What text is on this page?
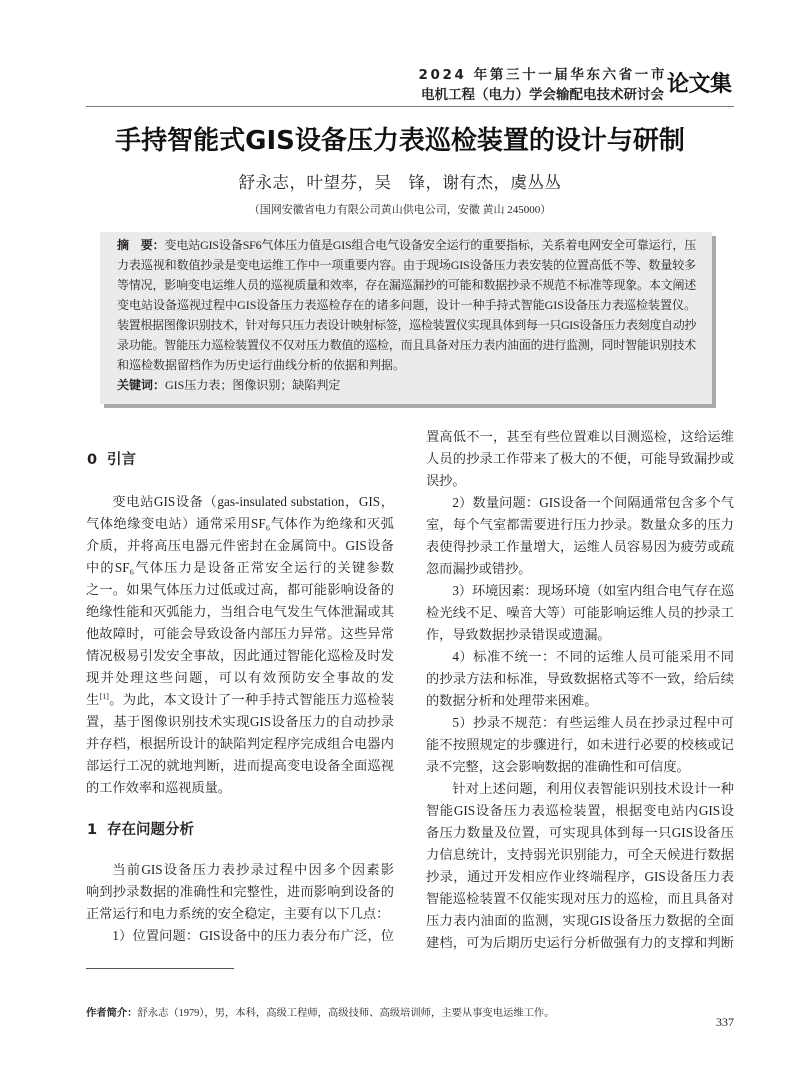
2024 年第三十一届华东六省一市
电机工程（电力）学会输配电技术研讨会 论文集
手持智能式GIS设备压力表巡检装置的设计与研制
舒永志，叶望芬，吴　锋，谢有杰，虞丛丛
（国网安徽省电力有限公司黄山供电公司，安徽 黄山 245000）
摘　要：变电站GIS设备SF6气体压力值是GIS组合电气设备安全运行的重要指标，关系着电网安全可靠运行，压
力表巡视和数值抄录是变电运维工作中一项重要内容。由于现场GIS设备压力表安装的位置高低不等、数量较多
等情况，影响变电运维人员的巡视质量和效率，存在漏巡漏抄的可能和数据抄录不规范不标准等现象。本文阐述
变电站设备巡视过程中GIS设备压力表巡检存在的诸多问题，设计一种手持式智能GIS设备压力表巡检装置仪。
装置根据图像识别技术，针对每只压力表设计映射标签，巡检装置仪实现具体到每一只GIS设备压力表刻度自动抄
录功能。智能压力巡检装置仪不仅对压力数值的巡检，而且具备对压力表内油面的进行监测，同时智能识别技术
和巡检数据留档作为历史运行曲线分析的依据和判据。
关键词：GIS压力表；图像识别；缺陷判定
0 引言
变电站GIS设备（gas-insulated substation，GIS，
气体绝缘变电站）通常采用SF₆气体作为绝缘和灭弧
介质，并将高压电器元件密封在金属筒中。GIS设备
中的SF₆气体压力是设备正常安全运行的关键参数
之一。如果气体压力过低或过高，都可能影响设备的
绝缘性能和灭弧能力，当组合电气发生气体泄漏或其
他故障时，可能会导致设备内部压力异常。这些异常
情况极易引发安全事故，因此通过智能化巡检及时发
现并处理这些问题，可以有效预防安全事故的发
生[1]。为此，本文设计了一种手持式智能压力巡检装
置，基于图像识别技术实现GIS设备压力的自动抄录
并存档，根据所设计的缺陷判定程序完成组合电器内
部运行工况的就地判断，进而提高变电设备全面巡视
的工作效率和巡视质量。
1 存在问题分析
当前GIS设备压力表抄录过程中因多个因素影
响到抄录数据的准确性和完整性，进而影响到设备的
正常运行和电力系统的安全稳定，主要有以下几点：
1）位置问题：GIS设备中的压力表分布广泛，位
置高低不一，甚至有些位置难以目测巡检，这给运维
人员的抄录工作带来了极大的不便，可能导致漏抄或
误抄。
2）数量问题：GIS设备一个间隔通常包含多个气
室，每个气室都需要进行压力抄录。数量众多的压力
表使得抄录工作量增大，运维人员容易因为疲劳或疏
忽而漏抄或错抄。
3）环境因素：现场环境（如室内组合电气存在巡
检光线不足、噪音大等）可能影响运维人员的抄录工
作，导致数据抄录错误或遗漏。
4）标准不统一：不同的运维人员可能采用不同
的抄录方法和标准，导致数据格式等不一致，给后续
的数据分析和处理带来困难。
5）抄录不规范：有些运维人员在抄录过程中可
能不按照规定的步骤进行，如未进行必要的校核或记
录不完整，这会影响数据的准确性和可信度。
针对上述问题，利用仪表智能识别技术设计一种
智能GIS设备压力表巡检装置，根据变电站内GIS设
备压力数量及位置，可实现具体到每一只GIS设备压
力信息统计，支持弱光识别能力，可全天候进行数据
抄录，通过开发相应作业终端程序，GIS设备压力表
智能巡检装置不仅能实现对压力的巡检，而且具备对
压力表内油面的监测，实现GIS设备压力数据的全面
建档，可为后期历史运行分析做强有力的支撑和判断
作者简介：舒永志（1979），男，本科，高级工程师，高级技师、高级培训师，主要从事变电运维工作。
337
